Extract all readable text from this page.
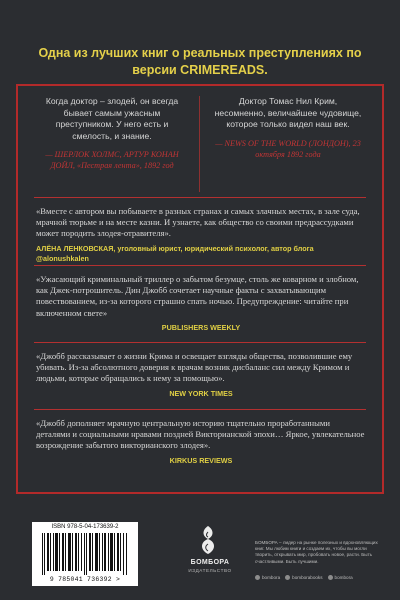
Одна из лучших книг о реальных преступлениях по версии CRIMEREADS.
Когда доктор – злодей, он всегда бывает самым ужасным преступником. У него есть и смелость, и знание.
— ШЕРЛОК ХОЛМС, АРТУР КОНАН ДОЙЛ, «Пестрая лента», 1892 год
Доктор Томас Нил Крим, несомненно, величайшее чудовище, которое только видел наш век.
— NEWS OF THE WORLD (ЛОНДОН), 23 октября 1892 года

«Вместе с автором вы побываете в разных странах и самых злачных местах, в зале суда, мрачной тюрьме и на месте казни. И узнаете, как общество со своими предрассудками может породить злодея-отравителя».

АЛЁНА ЛЕНКОВСКАЯ, уголовный юрист, юридический психолог, автор блога @alonushkalen

«Ужасающий криминальный триллер о забытом безумце, столь же коварном и злобном, как Джек-потрошитель. Дин Джобб сочетает научные факты с захватывающим повествованием, из-за которого страшно спать ночью. Предупреждение: читайте при включенном свете»

PUBLISHERS WEEKLY

«Джобб рассказывает о жизни Крима и освещает взгляды общества, позволившие ему убивать. Из-за абсолютного доверия к врачам возник дисбаланс сил между Кримом и людьми, которые обращались к нему за помощью».

NEW YORK TIMES

«Джобб дополняет мрачную центральную историю тщательно проработанными деталями и социальными нравами поздней Викторианской эпохи… Яркое, увлекательное возрождение забытого викторианского злодея».

KIRKUS REVIEWS
ISBN 978-5-04-173639-2
9 785041 736392 >
БОМБОРА
ИЗДАТЕЛЬСТВО

БОМБОРА – лидер на рынке полезных и вдохновляющих книг. Мы любим книги и создаем их, чтобы вы могли творить, открывать мир, пробовать новое, расти. Быть счастливыми. Быть лучшими.

bombora	bomborabooks	bombora
